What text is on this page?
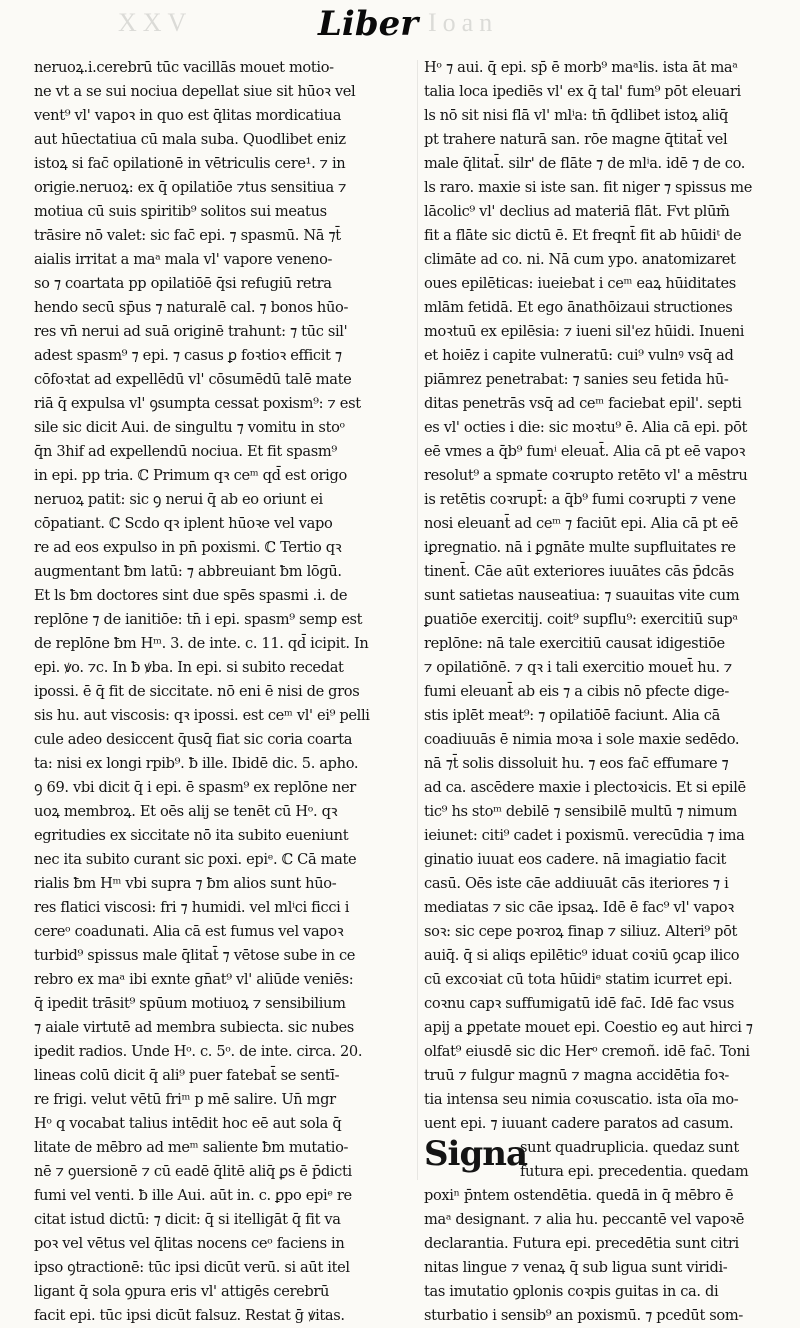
XXV	Ioan
Liber
neruoꝝ.i.cerebrū tūc vacillās mouet motio-
ne vt a se sui nociua depellat siue sit hūoꝛ vel
vent⁹ vl' vapoꝛ in quo est q̄litas mordicatiua
aut hūectatiua cū mala suba. Quodlibet eniz
istoꝝ si fac̄ opilationē in vētriculis cere¹. ⁊ in
origie.neruoꝝ: ex q̄ opilatiōe ⁊tus sensitiua ⁊
motiua cū suis spiritib⁹ solitos sui meatus
trāsire nō valet: sic fac̄ epi. ⁊ spasmū. Nā ⁊t̄
aialis irritat a maᵃ mala vl' vapore veneno-
so ⁊ coartata pp opilatiōē q̄si refugiū retra
hendo secū sp̄us ⁊ naturalē cal. ⁊ bonos hūo-
res vn̄ nerui ad suā originē trahunt: ⁊ tūc sil'
adest spasm⁹ ⁊ epi. ⁊ casus ꝑ foꝛtioꝛ efficit ⁊
cōfoꝛtat ad expellēdū vl' cōsumēdū talē mate
riā q̄ expulsa vl' ꝯsumpta cessat poxism⁹: ⁊ est
sile sic dicit Aui. de singultu ⁊ vomitu in stoᵒ
q̄n 3hif ad expellendū nociua. Et fit spasm⁹
in epi. pp tria. ℂ Primum qꝛ ceᵐ qd̄ est origo
neruoꝝ patit: sic ꝯ nerui q̄ ab eo oriunt ei
cōpatiant. ℂ Scdo qꝛ iplent hūoꝛe vel vapo
re ad eos expulso in pn̄ poxismi. ℂ Tertio qꝛ
augmentant ƀm latū: ⁊ abbreuiant ƀm lōgū.
Et ls ƀm doctores sint due spēs spasmi .i. de
replōne ⁊ de ianitiōe: tn̄ i epi. spasm⁹ semp est
de replōne ƀm Hᵐ. 3. de inte. c. 11. qd̄ icipit. In
epi. ꝟo. ⁊c. In ƀ ꝟba. In epi. si subito recedat
ipossi. ē q̄ fit de siccitate. nō eni ē nisi de gros
sis hu. aut viscosis: qꝛ ipossi. est ceᵐ vl' ei⁹ pelli
cule adeo desiccent q̄usq̄ fiat sic coria coarta
ta: nisi ex longi rpib⁹. ƀ ille. Ibidē dic. 5. apho.
ꝯ 69. vbi dicit q̄ i epi. ē spasm⁹ ex replōne ner
uoꝝ membroꝝ. Et oēs alij se tenēt cū Hᵒ. qꝛ
egritudies ex siccitate nō ita subito eueniunt
nec ita subito curant sic poxi. epiᵉ. ℂ Cā mate
rialis ƀm Hᵐ vbi supra ⁊ ƀm alios sunt hūo-
res flatici viscosi: fri ⁊ humidi. vel mlⁱci ficci i
cereᵒ coadunati. Alia cā est fumus vel vapoꝛ
turbid⁹ spissus male q̄litat̄ ⁊ vētose sube in ce
rebro ex maᵃ ibi exnte gn̄at⁹ vl' aliūde veniēs:
q̄ ipedit trāsit⁹ spūum motiuoꝝ ⁊ sensibilium
⁊ aiale virtutē ad membra subiecta. sic nubes
ipedit radios. Unde Hᵒ. c. 5ᵒ. de inte. circa. 20.
lineas colū dicit q̄ ali⁹ puer fatebat̄ se sentī-
re frigi. velut vētū friᵐ p mē salire. Un̄ mgr
Hᵒ q vocabat talius intēdit hoc eē aut sola q̄
litate de mēbro ad meᵐ saliente ƀm mutatio-
nē ⁊ ꝯuersionē ⁊ cū eadē q̄litē aliq̄ ꝑs ē p̄dicti
fumi vel venti. ƀ ille Aui. aūt in. c. ꝑpo epiᵉ re
citat istud dictū: ⁊ dicit: q̄ si itelligāt q̄ fit va
poꝛ vel vētus vel q̄litas nocens ceᵒ faciens in
ipso ꝯtractionē: tūc ipsi dicūt verū. si aūt itel
ligant q̄ sola ꝯpura eris vl' attigēs cerebrū
facit epi. tūc ipsi dicūt falsuz. Restat ḡ ꝟitas.
Hᵒ ⁊ aui. q̄ epi. sp̄ ē morb⁹ maᵃlis. ista āt maᵃ
talia loca ipediēs vl' ex q̄ tal' fum⁹ pōt eleuari
ls nō sit nisi flā vl' mlⁱa: tn̄ q̄dlibet istoꝝ aliq̄
pt trahere naturā san. rōe magne q̄titat̄ vel
male q̄litat̄. silr' de flāte ⁊ de mlⁱa. idē ⁊ de co.
ls raro. maxie si iste san. fit niger ⁊ spissus me
lācolic⁹ vl' declius ad materiā flāt. Fvt plūm̄
fit a flāte sic dictū ē. Et freqnt̄ fit ab hūidiᵗ de
climāte ad co. ni. Nā cum ypo. anatomizaret
oues epilēticas: iueiebat i ceᵐ eaꝝ hūiditates
mlām fetidā. Et ego ānathōizaui structiones
moꝛtuū ex epilēsia: ⁊ iueni sil'ez hūidi. Inueni
et hoiēz i capite vulneratū: cui⁹ vulnꝰ vsq̄ ad
piāmrez penetrabat: ⁊ sanies seu fetida hū-
ditas penetrās vsq̄ ad ceᵐ faciebat epil'. septi
es vl' octies i die: sic moꝛtu⁹ ē. Alia cā epi. pōt
eē vmes a q̄b⁹ fumⁱ eleuat̄. Alia cā pt eē vapoꝛ
resolut⁹ a spmate coꝛrupto retēto vl' a mēstru
is retētis coꝛrupt̄: a q̄b⁹ fumi coꝛrupti ⁊ vene
nosi eleuant̄ ad ceᵐ ⁊ faciūt epi. Alia cā pt eē
iꝑregnatio. nā i ꝑgnāte multe supfluitates re
tinent̄. Cāe aūt exteriores iuuātes cās p̄dcās
sunt satietas nauseatiua: ⁊ suauitas vite cum
ꝑuatiōe exercitij. coit⁹ supflu⁹: exercitiū supᵃ
replōne: nā tale exercitiū causat idigestiōe
⁊ opilatiōnē. ⁊ qꝛ i tali exercitio mouet̄ hu. ⁊
fumi eleuant̄ ab eis ⁊ a cibis nō pfecte dige-
stis iplēt meat⁹: ⁊ opilatiōē faciunt. Alia cā
coadiuuās ē nimia moꝛa i sole maxie sedēdo.
nā ⁊t̄ solis dissoluit hu. ⁊ eos fac̄ effumare ⁊
ad ca. ascēdere maxie i plectoꝛicis. Et si epilē
tic⁹ hs stoᵐ debilē ⁊ sensibilē multū ⁊ nimum
ieiunet: citi⁹ cadet i poxismū. verecūdia ⁊ ima
ginatio iuuat eos cadere. nā imagiatio facit
casū. Oēs iste cāe addiuuāt cās iteriores ⁊ i
mediatas ⁊ sic cāe ipsaꝝ. Idē ē fac⁹ vl' vapoꝛ
soꝛ: sic cepe poꝛroꝝ finap ⁊ siliuz. Alteri⁹ pōt
auiq̄. q̄ si aliqs epilētic⁹ iduat coꝛiū ꝯcap ilico
cū excoꝛiat cū tota hūidiᵉ statim icurret epi.
coꝛnu capꝛ suffumigatū idē fac̄. Idē fac vsus
apij a ꝑpetate mouet epi. Coestio eꝯ aut hirci ⁊
olfat⁹ eiusdē sic dic Herᵒ cremoñ. idē fac̄. Toni
truū ⁊ fulgur magnū ⁊ magna accidētia foꝛ-
tia intensa seu nimia coꝛuscatio. ista oīa mo-
uent epi. ⁊ iuuant cadere paratos ad casum.
Signa
sunt quadruplicia. quedaz sunt
futura epi. precedentia. quedam
poxiⁿ p̄ntem ostendētia. quedā in q̄ mēbro ē
maᵃ designant. ⁊ alia hu. peccantē vel vapoꝛē
declarantia. Futura epi. precedētia sunt citri
nitas lingue ⁊ venaꝝ q̄ sub ligua sunt viridi-
tas imutatio ꝯplonis coꝛpis guitas in ca. di
sturbatio i sensib⁹ an poxismū. ⁊ pcedūt som-
